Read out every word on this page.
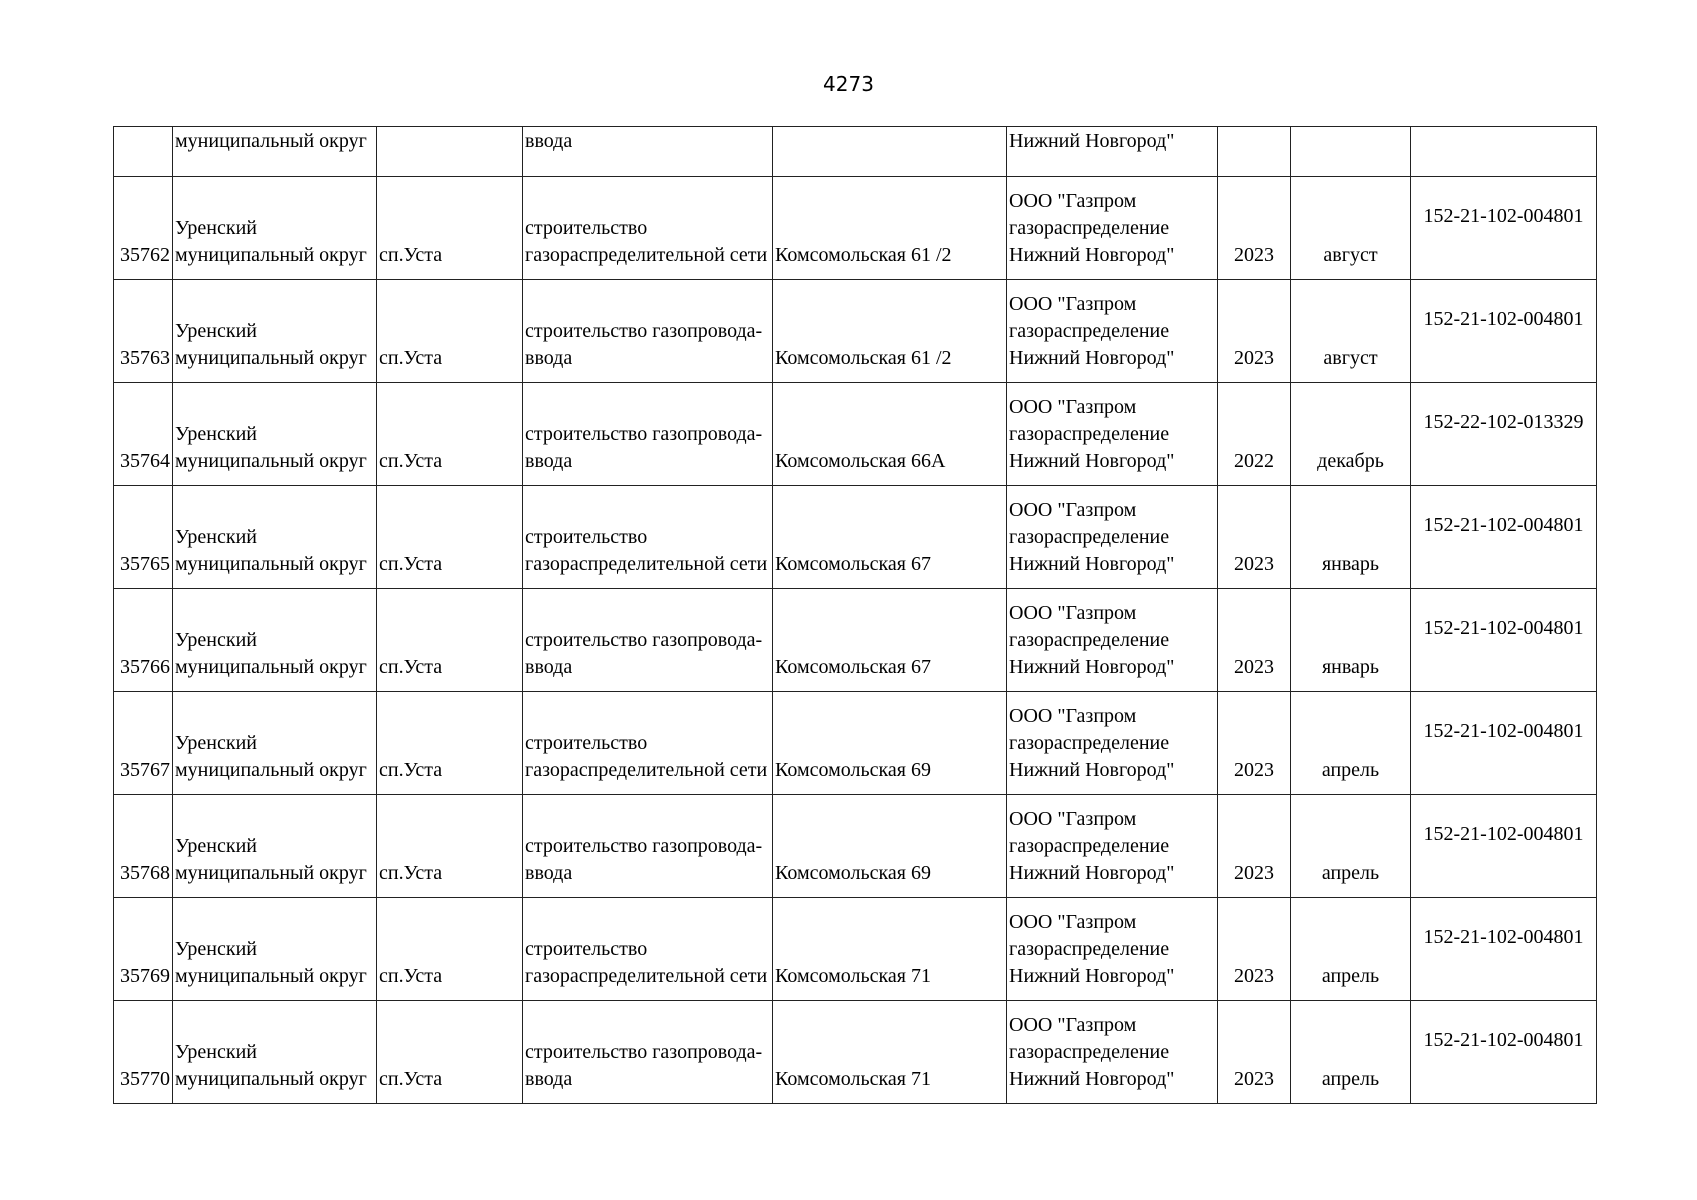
4273
	муниципальный округ		ввода		Нижний Новгород"			
35762	Уренский
муниципальный округ	сп.Уста	строительство
газораспределительной сети	Комсомольская 61 /2	ООО "Газпром
газораспределение
Нижний Новгород"	2023	август	152-21-102-004801
35763	Уренский
муниципальный округ	сп.Уста	строительство газопровода-
ввода	Комсомольская 61 /2	ООО "Газпром
газораспределение
Нижний Новгород"	2023	август	152-21-102-004801
35764	Уренский
муниципальный округ	сп.Уста	строительство газопровода-
ввода	Комсомольская 66А	ООО "Газпром
газораспределение
Нижний Новгород"	2022	декабрь	152-22-102-013329
35765	Уренский
муниципальный округ	сп.Уста	строительство
газораспределительной сети	Комсомольская 67	ООО "Газпром
газораспределение
Нижний Новгород"	2023	январь	152-21-102-004801
35766	Уренский
муниципальный округ	сп.Уста	строительство газопровода-
ввода	Комсомольская 67	ООО "Газпром
газораспределение
Нижний Новгород"	2023	январь	152-21-102-004801
35767	Уренский
муниципальный округ	сп.Уста	строительство
газораспределительной сети	Комсомольская 69	ООО "Газпром
газораспределение
Нижний Новгород"	2023	апрель	152-21-102-004801
35768	Уренский
муниципальный округ	сп.Уста	строительство газопровода-
ввода	Комсомольская 69	ООО "Газпром
газораспределение
Нижний Новгород"	2023	апрель	152-21-102-004801
35769	Уренский
муниципальный округ	сп.Уста	строительство
газораспределительной сети	Комсомольская 71	ООО "Газпром
газораспределение
Нижний Новгород"	2023	апрель	152-21-102-004801
35770	Уренский
муниципальный округ	сп.Уста	строительство газопровода-
ввода	Комсомольская 71	ООО "Газпром
газораспределение
Нижний Новгород"	2023	апрель	152-21-102-004801
